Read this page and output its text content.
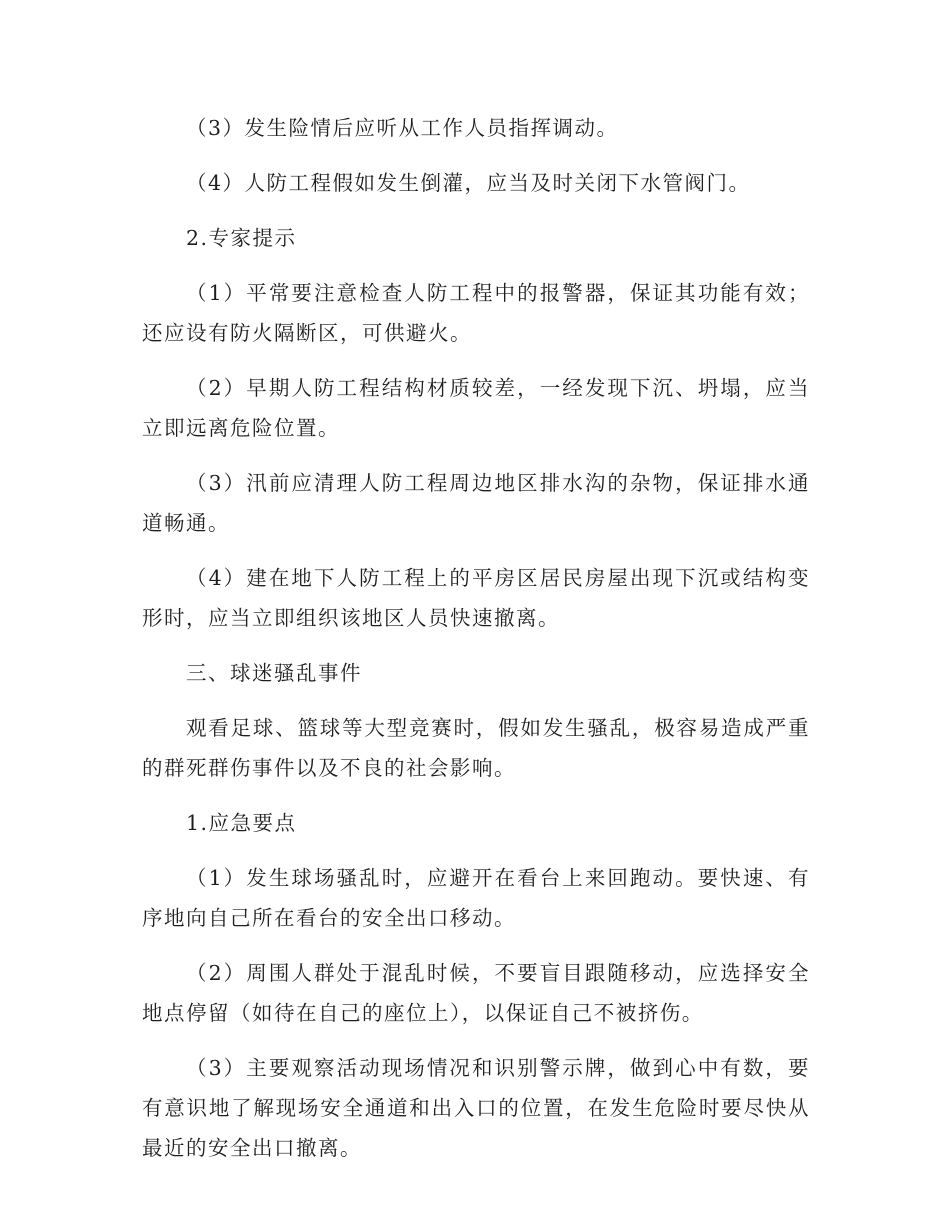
（3）发生险情后应听从工作人员指挥调动。

（4）人防工程假如发生倒灌，应当及时关闭下水管阀门。

2.专家提示

（1）平常要注意检查人防工程中的报警器，保证其功能有效；还应设有防火隔断区，可供避火。

（2）早期人防工程结构材质较差，一经发现下沉、坍塌，应当立即远离危险位置。

（3）汛前应清理人防工程周边地区排水沟的杂物，保证排水通道畅通。

（4）建在地下人防工程上的平房区居民房屋出现下沉或结构变形时，应当立即组织该地区人员快速撤离。

三、球迷骚乱事件

观看足球、篮球等大型竞赛时，假如发生骚乱，极容易造成严重的群死群伤事件以及不良的社会影响。

1.应急要点

（1）发生球场骚乱时，应避开在看台上来回跑动。要快速、有序地向自己所在看台的安全出口移动。

（2）周围人群处于混乱时候，不要盲目跟随移动，应选择安全地点停留（如待在自己的座位上），以保证自己不被挤伤。

（3）主要观察活动现场情况和识别警示牌，做到心中有数，要有意识地了解现场安全通道和出入口的位置，在发生危险时要尽快从最近的安全出口撤离。
